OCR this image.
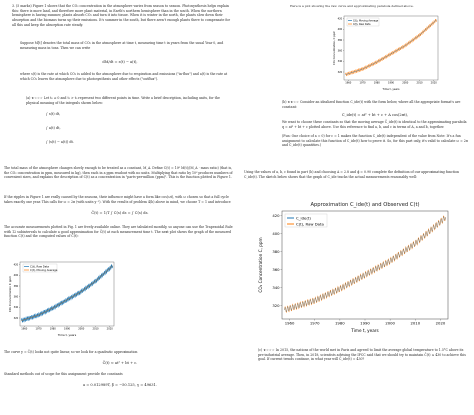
3. (5 marks) Figure 1 shows that the CO₂ concentration in the atmosphere varies from season to season. Photosynthesis helps explain this: there is more land, and therefore more plant material, in Earth's northern hemisphere than in the south. When the northern hemisphere is having summer, plants absorb CO₂ and turn it into tissue. When it is winter in the north, the plants slow down their absorption and the biomass turns up their emissions. It's summer in the south, but there aren't enough plants there to compensate for all this and keep the absorption rate steady.
Suppose M[t] denotes the total mass of CO₂ in the atmosphere at time t, measuring time t in years from the usual Year 0, and measuring mass in tons. Then we can write
dM/dt = s(t) − a(t),
where s(t) is the rate at which CO₂ is added to the atmosphere due to respiration and emissions ("in-flux") and a(t) is the rate at which CO₂ leaves the atmosphere due to photosynthesis and other effects ("outflux").
(a) ★☆☆☆ Let t₀ ≥ 0 and t₁ > t₀ represent two different points in time. Write a brief description, including units, for the physical meaning of the integrals shown below:
∫ s(t) dt,
∫ a(t) dt,
∫ (s(t) − a(t)) dt.
The total mass of the atmosphere changes slowly enough to be treated as a constant, M_A. Define C(t) = 10⁶ M(t)/(M_A · mass ratio) (that is, the CO₂ concentration in ppm, measured in kg), then each in a ppm readout with no units. Multiplying that ratio by 10⁶ produces numbers of convenient sizes, and explains the description of C(t) as a concentration in "parts-per-million (ppm)". This is the function plotted in Figure 1.
If the ripples in Figure 1 are really caused by the seasons, their influence might have a form like cos(ωt), with ω chosen so that a full cycle takes exactly one year. This calls for ω = 2π (with units y⁻¹). With the results of problem 4(b) above in mind, we choose T = 1 and introduce
C̄(t) = 1/T ∫ C(s) ds = ∫ C(s) ds.
The accurate measurements plotted in Fig. 1 are freely available online. They are tabulated monthly, so anyone can use the Trapezoidal Rule with 12 subintervals to calculate a good approximation for C̄(t) at each measurement time t. The next plot shows the graph of the measured function C(t) and the computed values of C̄(t):
1960	1970	1980	1990	2000	2010	2020
320
340
360
380
400
420
C(t), Raw Data
C(t), Moving Average
CO₂ Concentration C ppm
Time t, years
The curve y = C̄(t) looks not quite linear, so we look for a quadratic approximation
C̄(t) ≈ at² + bt + c.
Standard methods out of scope for this assignment provide the constants
a = 0.012989T, β = −50.125, γ = 49631.
Here is a plot showing the raw curve and approximating parabola defined above.
1960	1970	1980	1990	2000	2010	2020
320
340
360
380
400
420
C(t), Moving Average
C(t), Raw Data
CO₂ Concentration, C ppm
Time t, years
(b) ★★☆☆ Consider an idealized function C_ide(t) with the form below, where all the appropriate format's are constant:
C_ide(t) = at² + bt + c + A cos(2πt),
We want to choose these constants so that the moving average C̄_ide(t) is identical to the approximating parabola q = at² + bt + c plotted above. Use this reference to find a, b, and c in terms of A, a and b, together.
(Fun: One choice of a = 0) for c = 1 makes the function C_ide(t) independent of the value from Note: It's a fun assignment to calculate this function of C_ide(t) how to prove it. So, for this part only, it's valid to calculate ω = 2π and C_ide(t) quantities.)
Using the values of a, b, c found in part (b) and choosing A = 2.8 and ϕ = 0.90 complete the definition of our approximating function C_ide(t). The sketch below shows that the graph of C_ide tracks the actual measurements reasonably well:
Approximation C_ide(t) and Observed C(t)
1960	1970	1980	1990	2000	2010	2020
320
340
360
380
400
420
C_ide(t)
C(t), Raw Data
CO₂ Concentration C, ppm
Time t, years
(c) ★☆☆☆ In 2015, the nations of the world met in Paris and agreed to limit the average global temperature to 1.5°C above its pre-industrial average. Then, in 2018, scientists advising the IPCC said that we should try to maintain C̄(t) ≤ 430 to achieve this goal. If current trends continue, in what year will C̄_ide(t) = 430?
